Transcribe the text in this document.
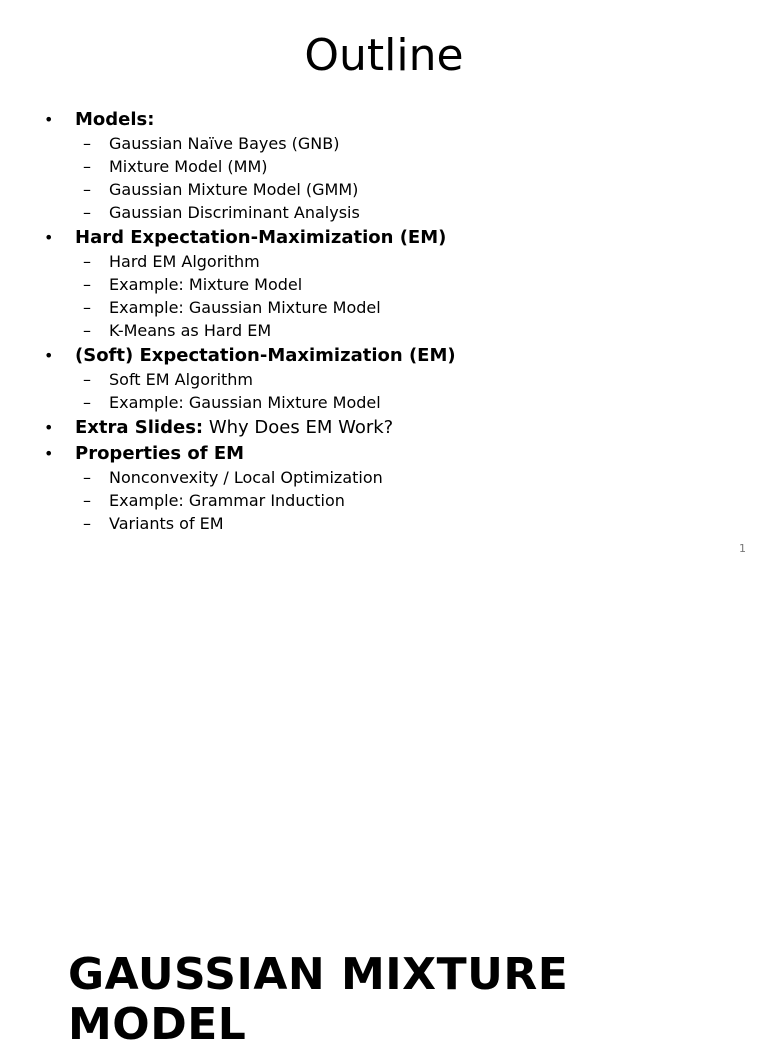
Outline
• Models:
– Gaussian Naïve Bayes (GNB)
– Mixture Model (MM)
– Gaussian Mixture Model (GMM)
– Gaussian Discriminant Analysis
• Hard Expectation-Maximization (EM)
– Hard EM Algorithm
– Example: Mixture Model
– Example: Gaussian Mixture Model
– K-Means as Hard EM
• (Soft) Expectation-Maximization (EM)
– Soft EM Algorithm
– Example: Gaussian Mixture Model
• Extra Slides: Why Does EM Work?
• Properties of EM
– Nonconvexity / Local Optimization
– Example: Grammar Induction
– Variants of EM
1
GAUSSIAN MIXTURE MODEL
